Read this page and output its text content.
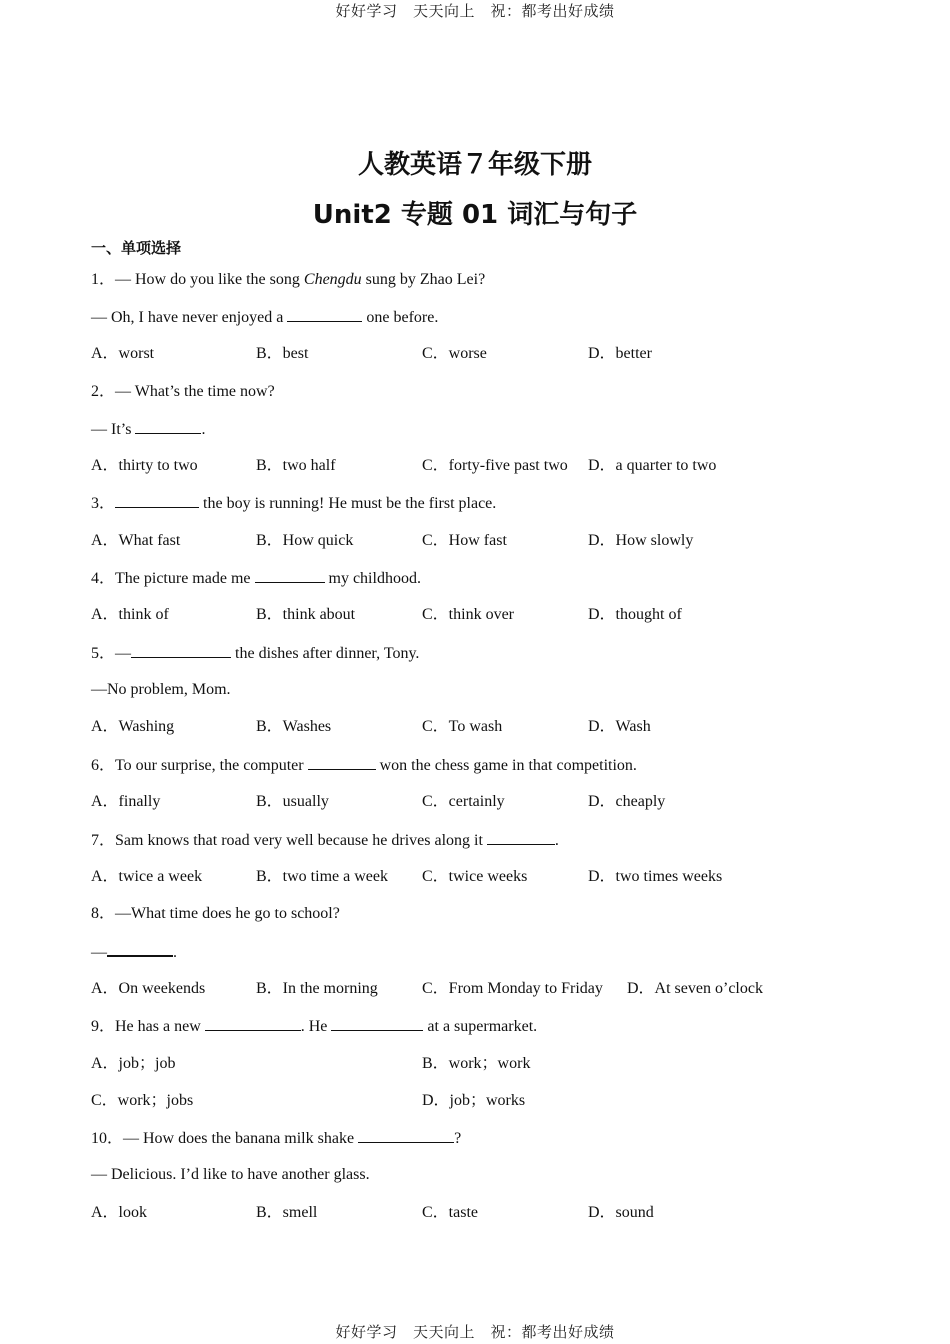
好好学习　天天向上　祝：都考出好成绩
人教英语７年级下册
Unit2 专题 01 词汇与句子
一、单项选择
1．— How do you like the song Chengdu sung by Zhao Lei?
— Oh, I have never enjoyed a	one before.
A．worst	B．best	C．worse	D．better
2．— What’s the time now?
— It’s	.
A．thirty to two	B．two half	C．forty-five past two D．a quarter to two
3．	the boy is running! He must be the first place.
A．What fast	B．How quick	C．How fast	D．How slowly
4．The picture made me	my childhood.
A．think of	B．think about	C．think over	D．thought of
5．—	the dishes after dinner, Tony.
—No problem, Mom.
A．Washing	B．Washes	C．To wash	D．Wash
6．To our surprise, the computer	won the chess game in that competition.
A．finally	B．usually	C．certainly	D．cheaply
7．Sam knows that road very well because he drives along it	.
A．twice a week	B．two time a week C．twice weeks	D．two times weeks
8．—What time does he go to school?
—	.
A．On weekends	B．In the morning	C．From Monday to Friday D．At seven o’clock
9．He has a new	. He	at a supermarket.
A．job；job	B．work；work
C．work；jobs	D．job；works
10．— How does the banana milk shake	?
— Delicious. I’d like to have another glass.
A．look	B．smell	C．taste	D．sound
好好学习　天天向上　祝：都考出好成绩
